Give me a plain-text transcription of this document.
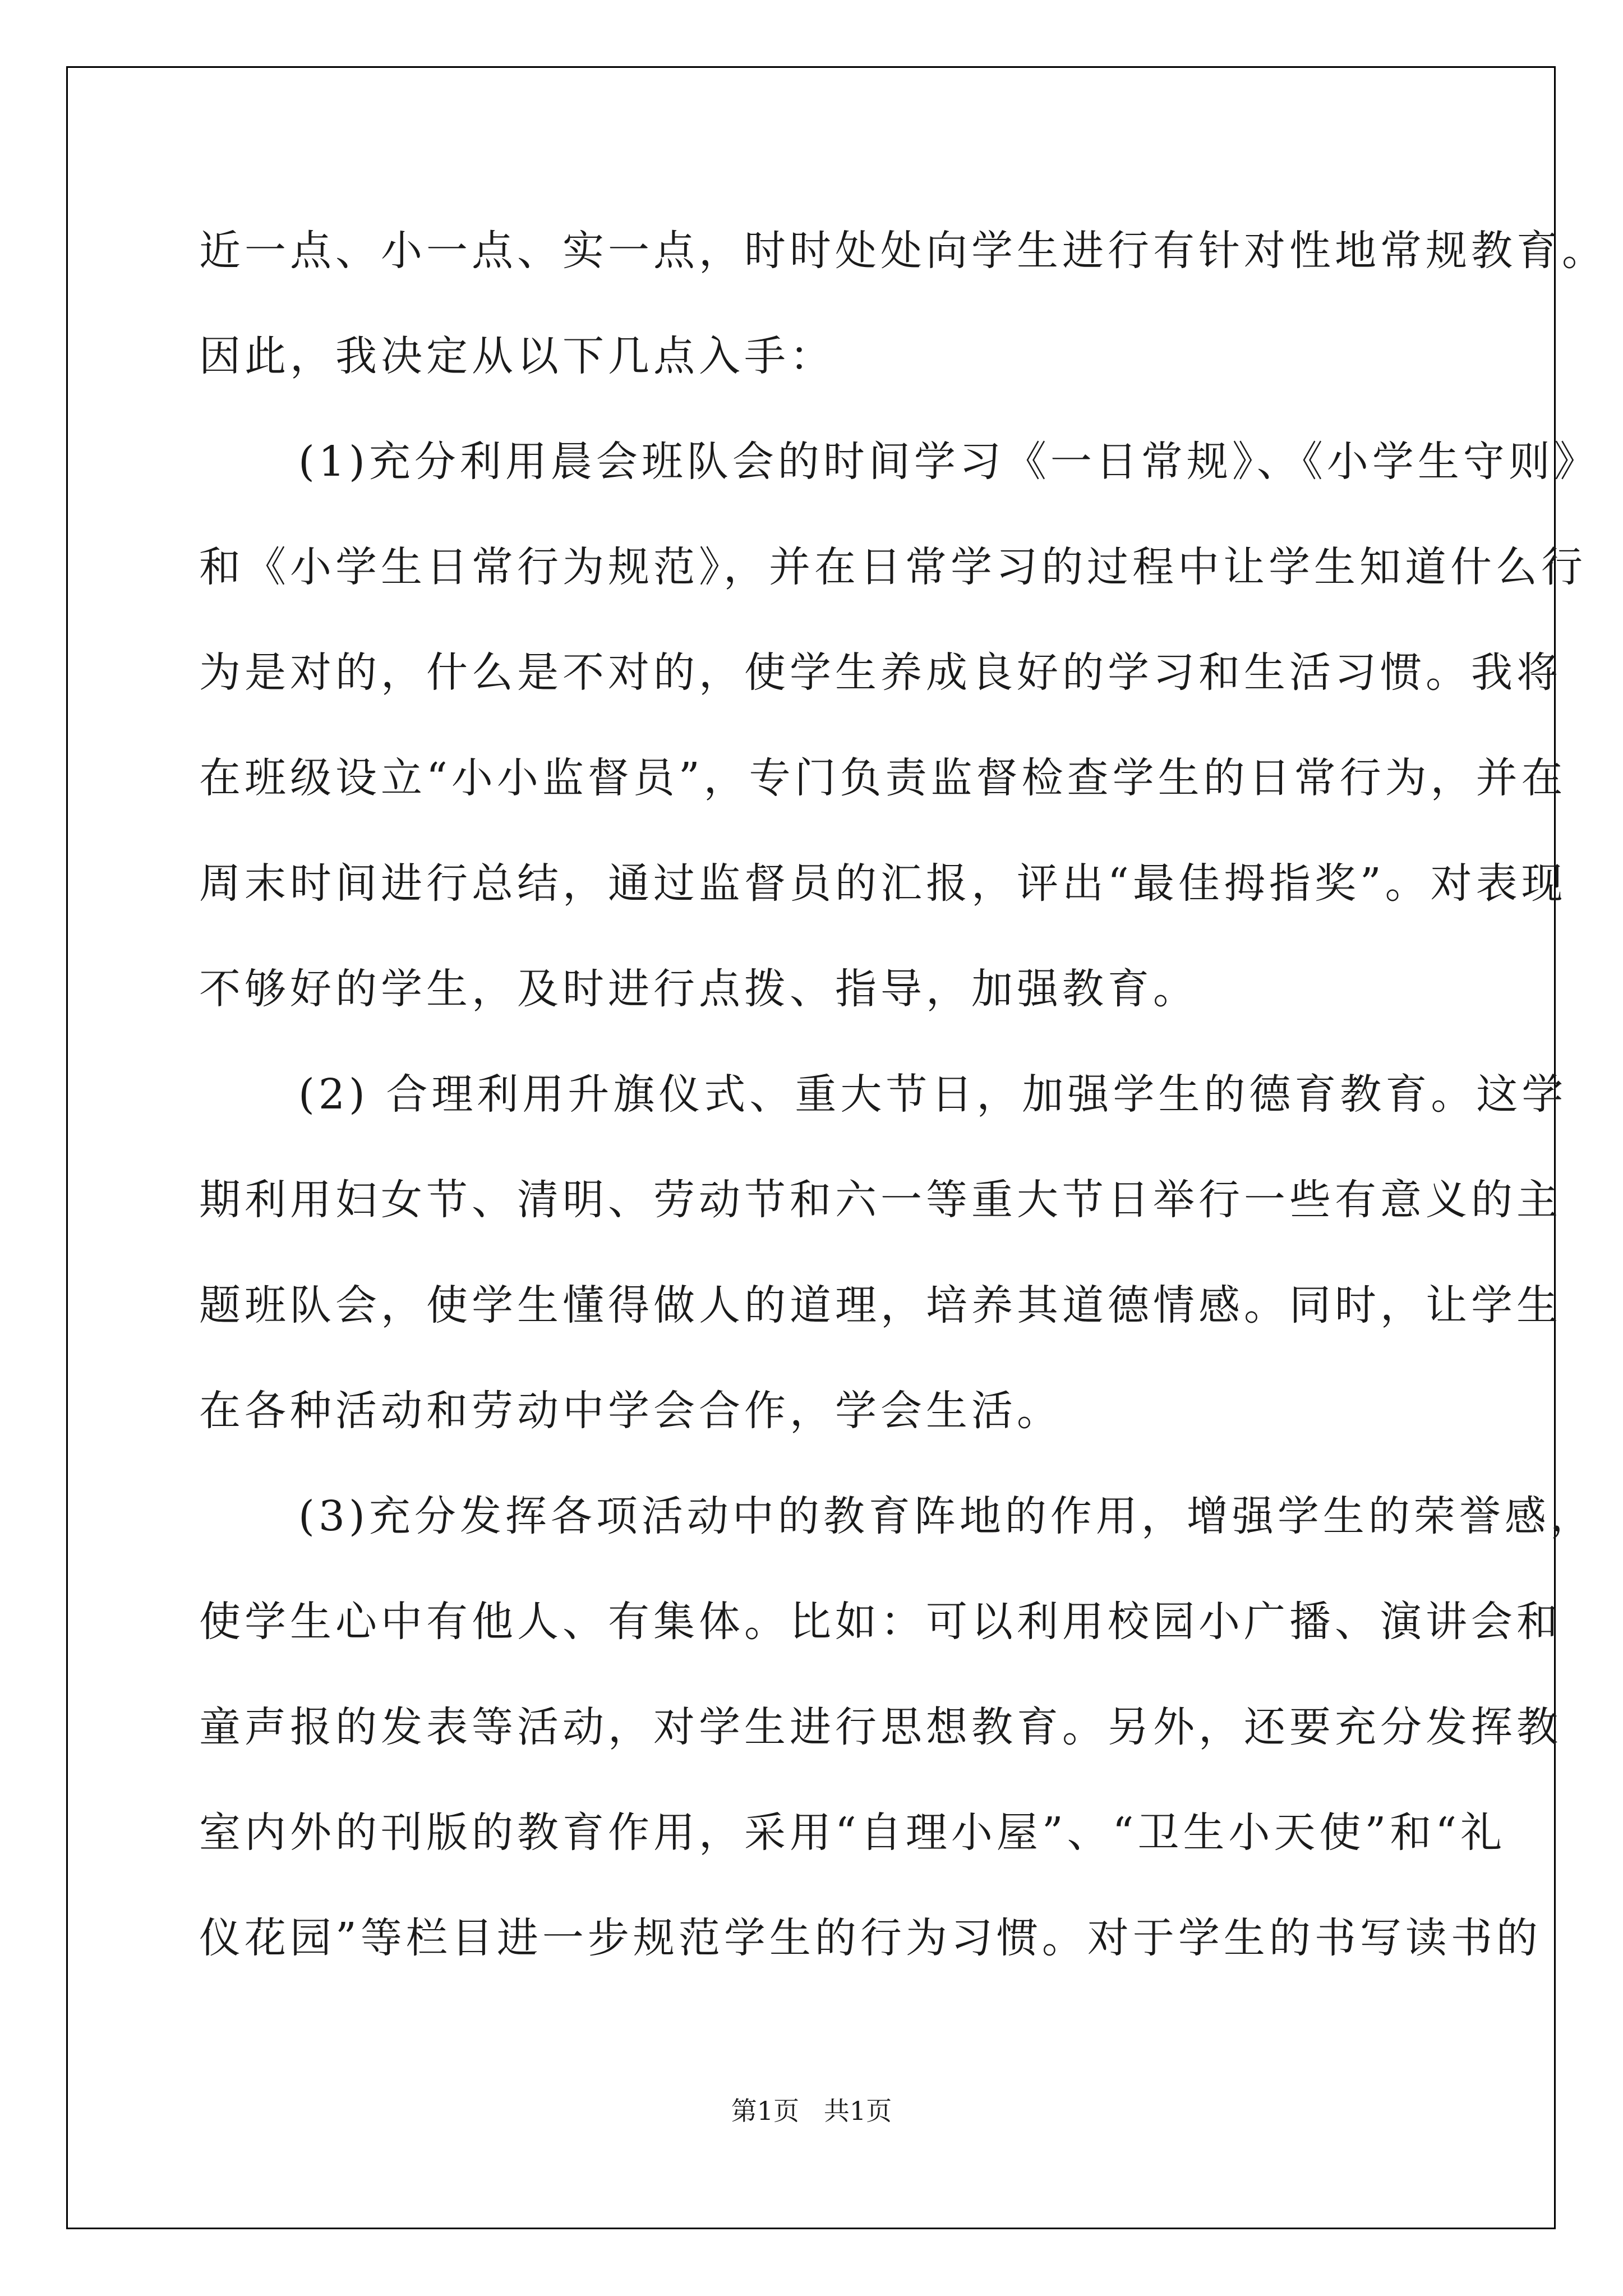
近一点、小一点、实一点，时时处处向学生进行有针对性地常规教育。
因此，我决定从以下几点入手：
(1)充分利用晨会班队会的时间学习《一日常规》、《小学生守则》
和《小学生日常行为规范》，并在日常学习的过程中让学生知道什么行
为是对的，什么是不对的，使学生养成良好的学习和生活习惯。我将
在班级设立“小小监督员”，专门负责监督检查学生的日常行为，并在
周末时间进行总结，通过监督员的汇报，评出“最佳拇指奖”。对表现
不够好的学生，及时进行点拨、指导，加强教育。
(2) 合理利用升旗仪式、重大节日，加强学生的德育教育。这学
期利用妇女节、清明、劳动节和六一等重大节日举行一些有意义的主
题班队会，使学生懂得做人的道理，培养其道德情感。同时，让学生
在各种活动和劳动中学会合作，学会生活。
(3)充分发挥各项活动中的教育阵地的作用，增强学生的荣誉感，
使学生心中有他人、有集体。比如：可以利用校园小广播、演讲会和
童声报的发表等活动，对学生进行思想教育。另外，还要充分发挥教
室内外的刊版的教育作用，采用“自理小屋”、“卫生小天使”和“礼
仪花园”等栏目进一步规范学生的行为习惯。对于学生的书写读书的
第1页   共1页
